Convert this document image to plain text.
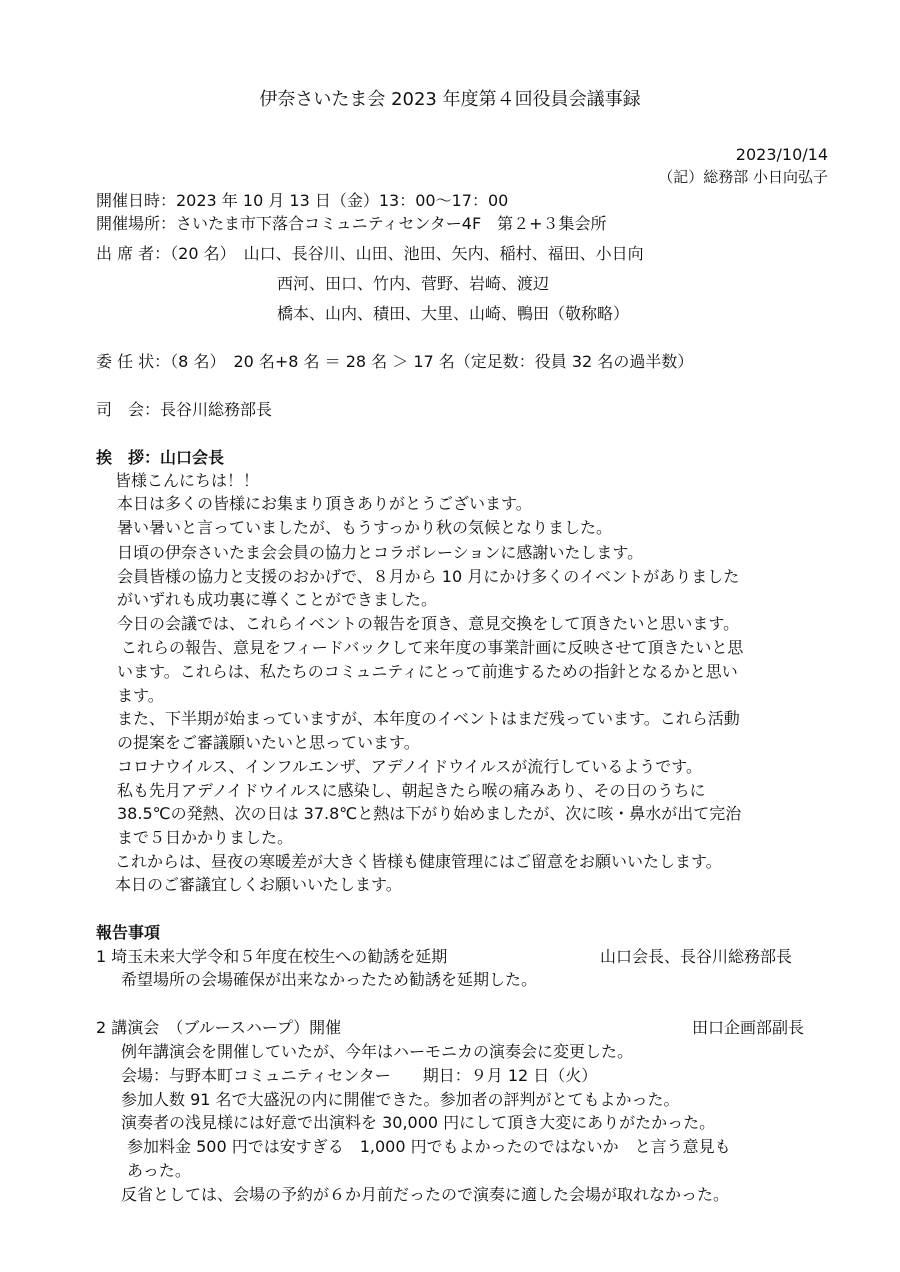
伊奈さいたま会 2023 年度第４回役員会議事録
2023/10/14
（記）総務部 小日向弘子
開催日時：2023 年 10 月 13 日（金）13：00〜17：00
開催場所：さいたま市下落合コミュニティセンター4F　第２+３集会所
出 席 者：（20 名）　山口、長谷川、山田、池田、矢内、稲村、福田、小日向
西河、田口、竹内、菅野、岩崎、渡辺
橋本、山内、積田、大里、山崎、鴨田（敬称略）
委 任 状：（8 名）　20 名+8 名 ＝ 28 名 ＞ 17 名（定足数：役員 32 名の過半数）
司　会：長谷川総務部長
挨　拶：山口会長
皆様こんにちは！！
本日は多くの皆様にお集まり頂きありがとうございます。
暑い暑いと言っていましたが、もうすっかり秋の気候となりました。
日頃の伊奈さいたま会会員の協力とコラボレーションに感謝いたします。
会員皆様の協力と支援のおかげで、８月から 10 月にかけ多くのイベントがありました
がいずれも成功裏に導くことができました。
今日の会議では、これらイベントの報告を頂き、意見交換をして頂きたいと思います。
これらの報告、意見をフィードバックして来年度の事業計画に反映させて頂きたいと思
います。これらは、私たちのコミュニティにとって前進するための指針となるかと思い
ます。
また、下半期が始まっていますが、本年度のイベントはまだ残っています。これら活動
の提案をご審議願いたいと思っています。
コロナウイルス、インフルエンザ、アデノイドウイルスが流行しているようです。
私も先月アデノイドウイルスに感染し、朝起きたら喉の痛みあり、その日のうちに
38.5℃の発熱、次の日は 37.8℃と熱は下がり始めましたが、次に咳・鼻水が出て完治
まで５日かかりました。
これからは、昼夜の寒暖差が大きく皆様も健康管理にはご留意をお願いいたします。
本日のご審議宜しくお願いいたします。
報告事項
1 埼玉未来大学令和５年度在校生への勧誘を延期	山口会長、長谷川総務部長
希望場所の会場確保が出来なかったため勧誘を延期した。
2 講演会　（ブルースハープ）開催	田口企画部副長
例年講演会を開催していたが、今年はハーモニカの演奏会に変更した。
会場：与野本町コミュニティセンター　　期日：９月 12 日（火）
参加人数 91 名で大盛況の内に開催できた。参加者の評判がとてもよかった。
演奏者の浅見様には好意で出演料を 30,000 円にして頂き大変にありがたかった。
参加料金 500 円では安すぎる　1,000 円でもよかったのではないか　と言う意見も
あった。
反省としては、会場の予約が６か月前だったので演奏に適した会場が取れなかった。
